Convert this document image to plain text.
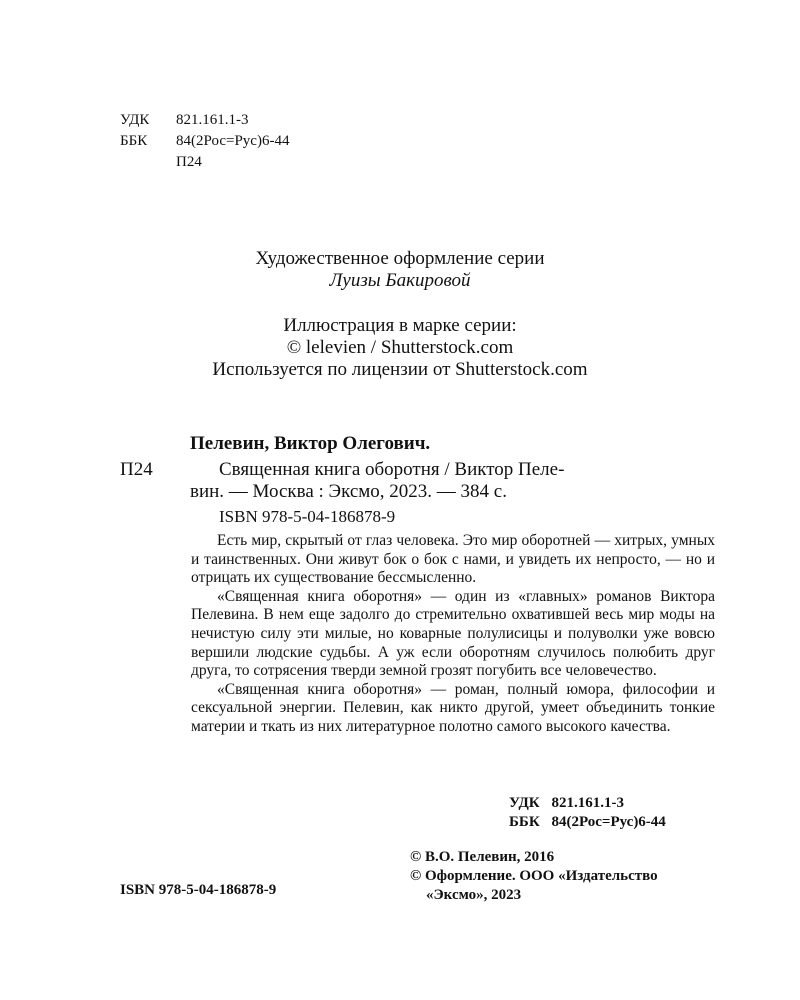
УДК 821.161.1-3
ББК 84(2Рос=Рус)6-44
П24
Художественное оформление серии
Луизы Бакировой
Иллюстрация в марке серии:
© lelevien / Shutterstock.com
Используется по лицензии от Shutterstock.com
Пелевин, Виктор Олегович.
П24	Священная книга оборотня / Виктор Пеле-
вин. — Москва : Эксмо, 2023. — 384 с.
ISBN 978-5-04-186878-9

Есть мир, скрытый от глаз человека. Это мир оборотней — хитрых, умных и таинственных. Они живут бок о бок с нами, и увидеть их непросто, — но и отрицать их существование бессмысленно.

«Священная книга оборотня» — один из «главных» романов Виктора Пелевина. В нем еще задолго до стремительно охватившей весь мир моды на нечистую силу эти милые, но коварные полулисицы и полуволки уже вовсю вершили людские судьбы. А уж если оборотням случилось полюбить друг друга, то сотрясения тверди земной грозят погубить все человечество.

«Священная книга оборотня» — роман, полный юмора, философии и сексуальной энергии. Пелевин, как никто другой, умеет объединить тонкие материи и ткать из них литературное полотно самого высокого качества.

УДК 821.161.1-3
ББК 84(2Рос=Рус)6-44
ISBN 978-5-04-186878-9
© В.О. Пелевин, 2016
© Оформление. ООО «Издательство
«Эксмо», 2023
